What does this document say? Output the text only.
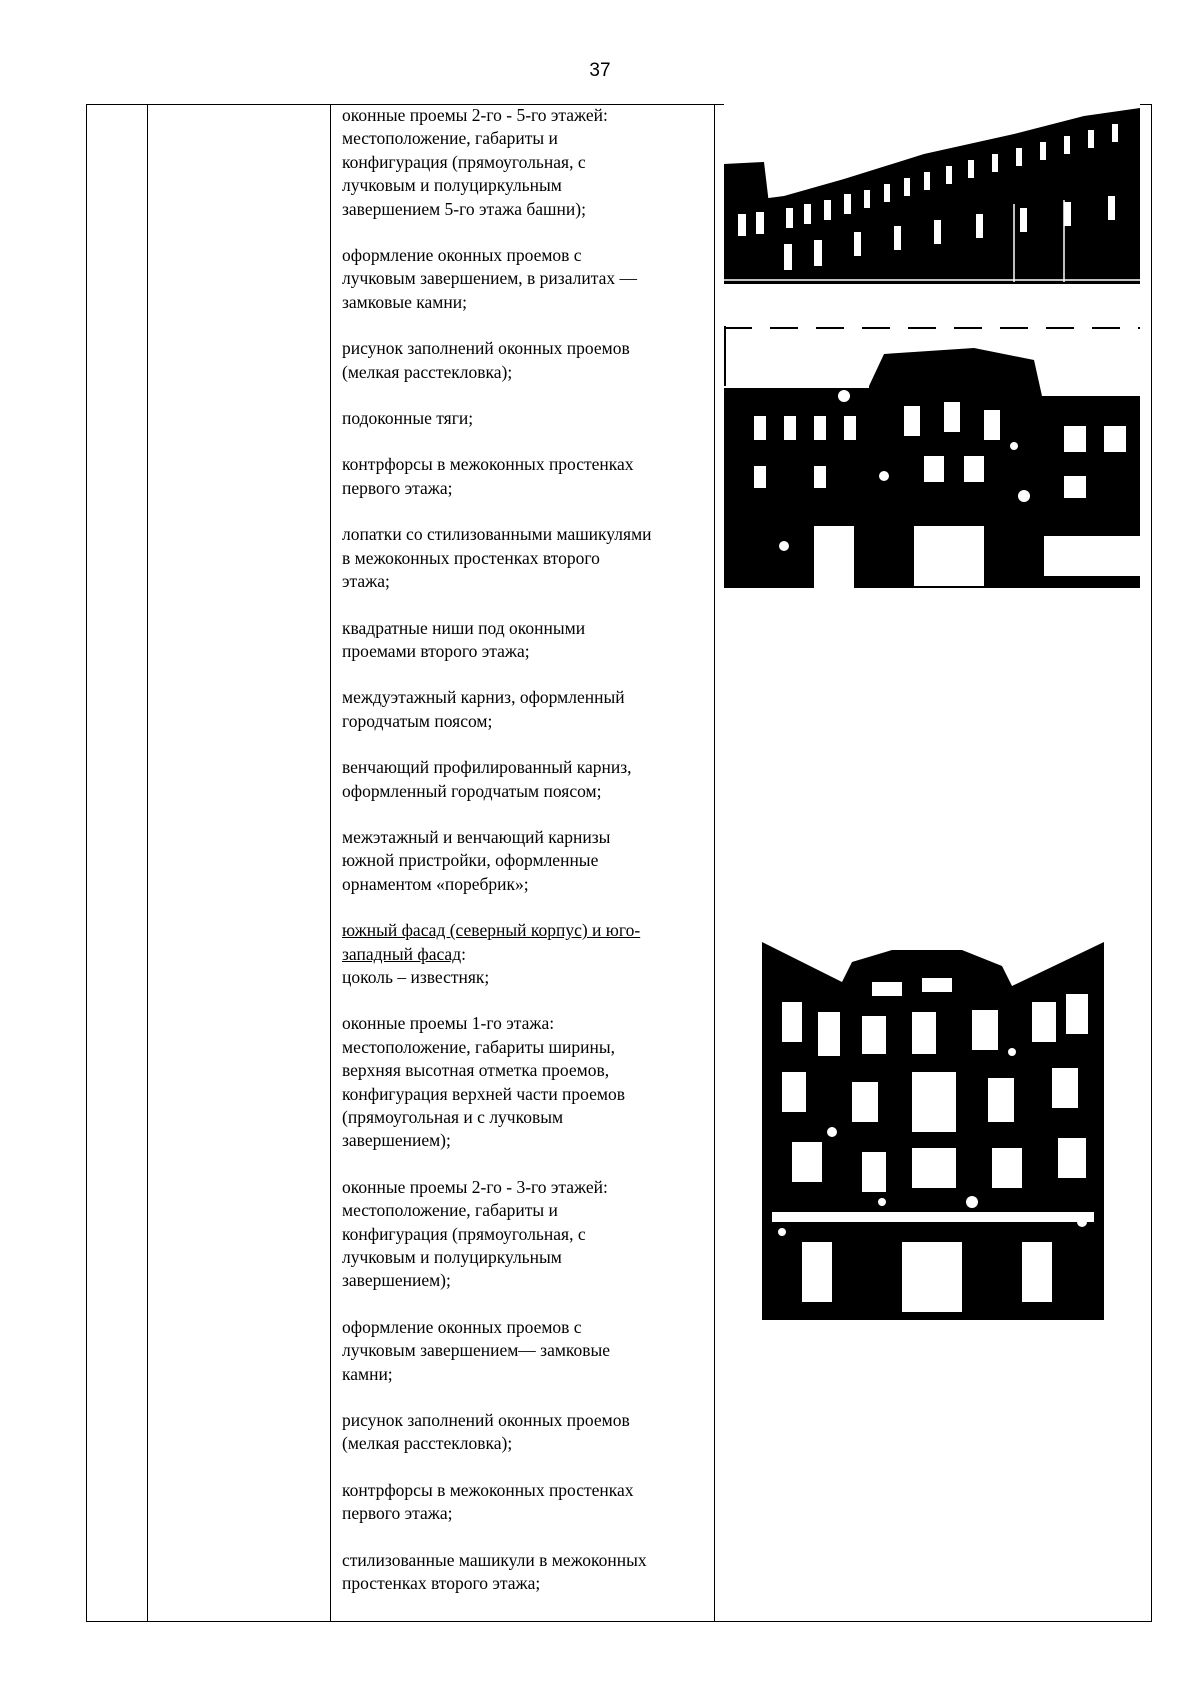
37

оконные проемы 2-го - 5-го этажей:
местоположение, габариты и
конфигурация (прямоугольная, с
лучковым и полуциркульным
завершением 5-го этажа башни);

оформление оконных проемов с
лучковым завершением, в ризалитах —
замковые камни;

рисунок заполнений оконных проемов
(мелкая расстекловка);

подоконные тяги;

контрфорсы в межоконных простенках
первого этажа;

лопатки со стилизованными машикулями
в межоконных простенках второго
этажа;

квадратные ниши под оконными
проемами второго этажа;

междуэтажный карниз, оформленный
городчатым поясом;

венчающий профилированный карниз,
оформленный городчатым поясом;

межэтажный и венчающий карнизы
южной пристройки, оформленные
орнаментом «поребрик»;

южный фасад (северный корпус) и юго-
западный фасад:
цоколь – известняк;

оконные проемы 1-го этажа:
местоположение, габариты ширины,
верхняя высотная отметка проемов,
конфигурация верхней части проемов
(прямоугольная и с лучковым
завершением);

оконные проемы 2-го - 3-го этажей:
местоположение, габариты и
конфигурация (прямоугольная, с
лучковым и полуциркульным
завершением);

оформление оконных проемов с
лучковым завершением— замковые
камни;

рисунок заполнений оконных проемов
(мелкая расстекловка);

контрфорсы в межоконных простенках
первого этажа;

стилизованные машикули в межоконных
простенках второго этажа;
